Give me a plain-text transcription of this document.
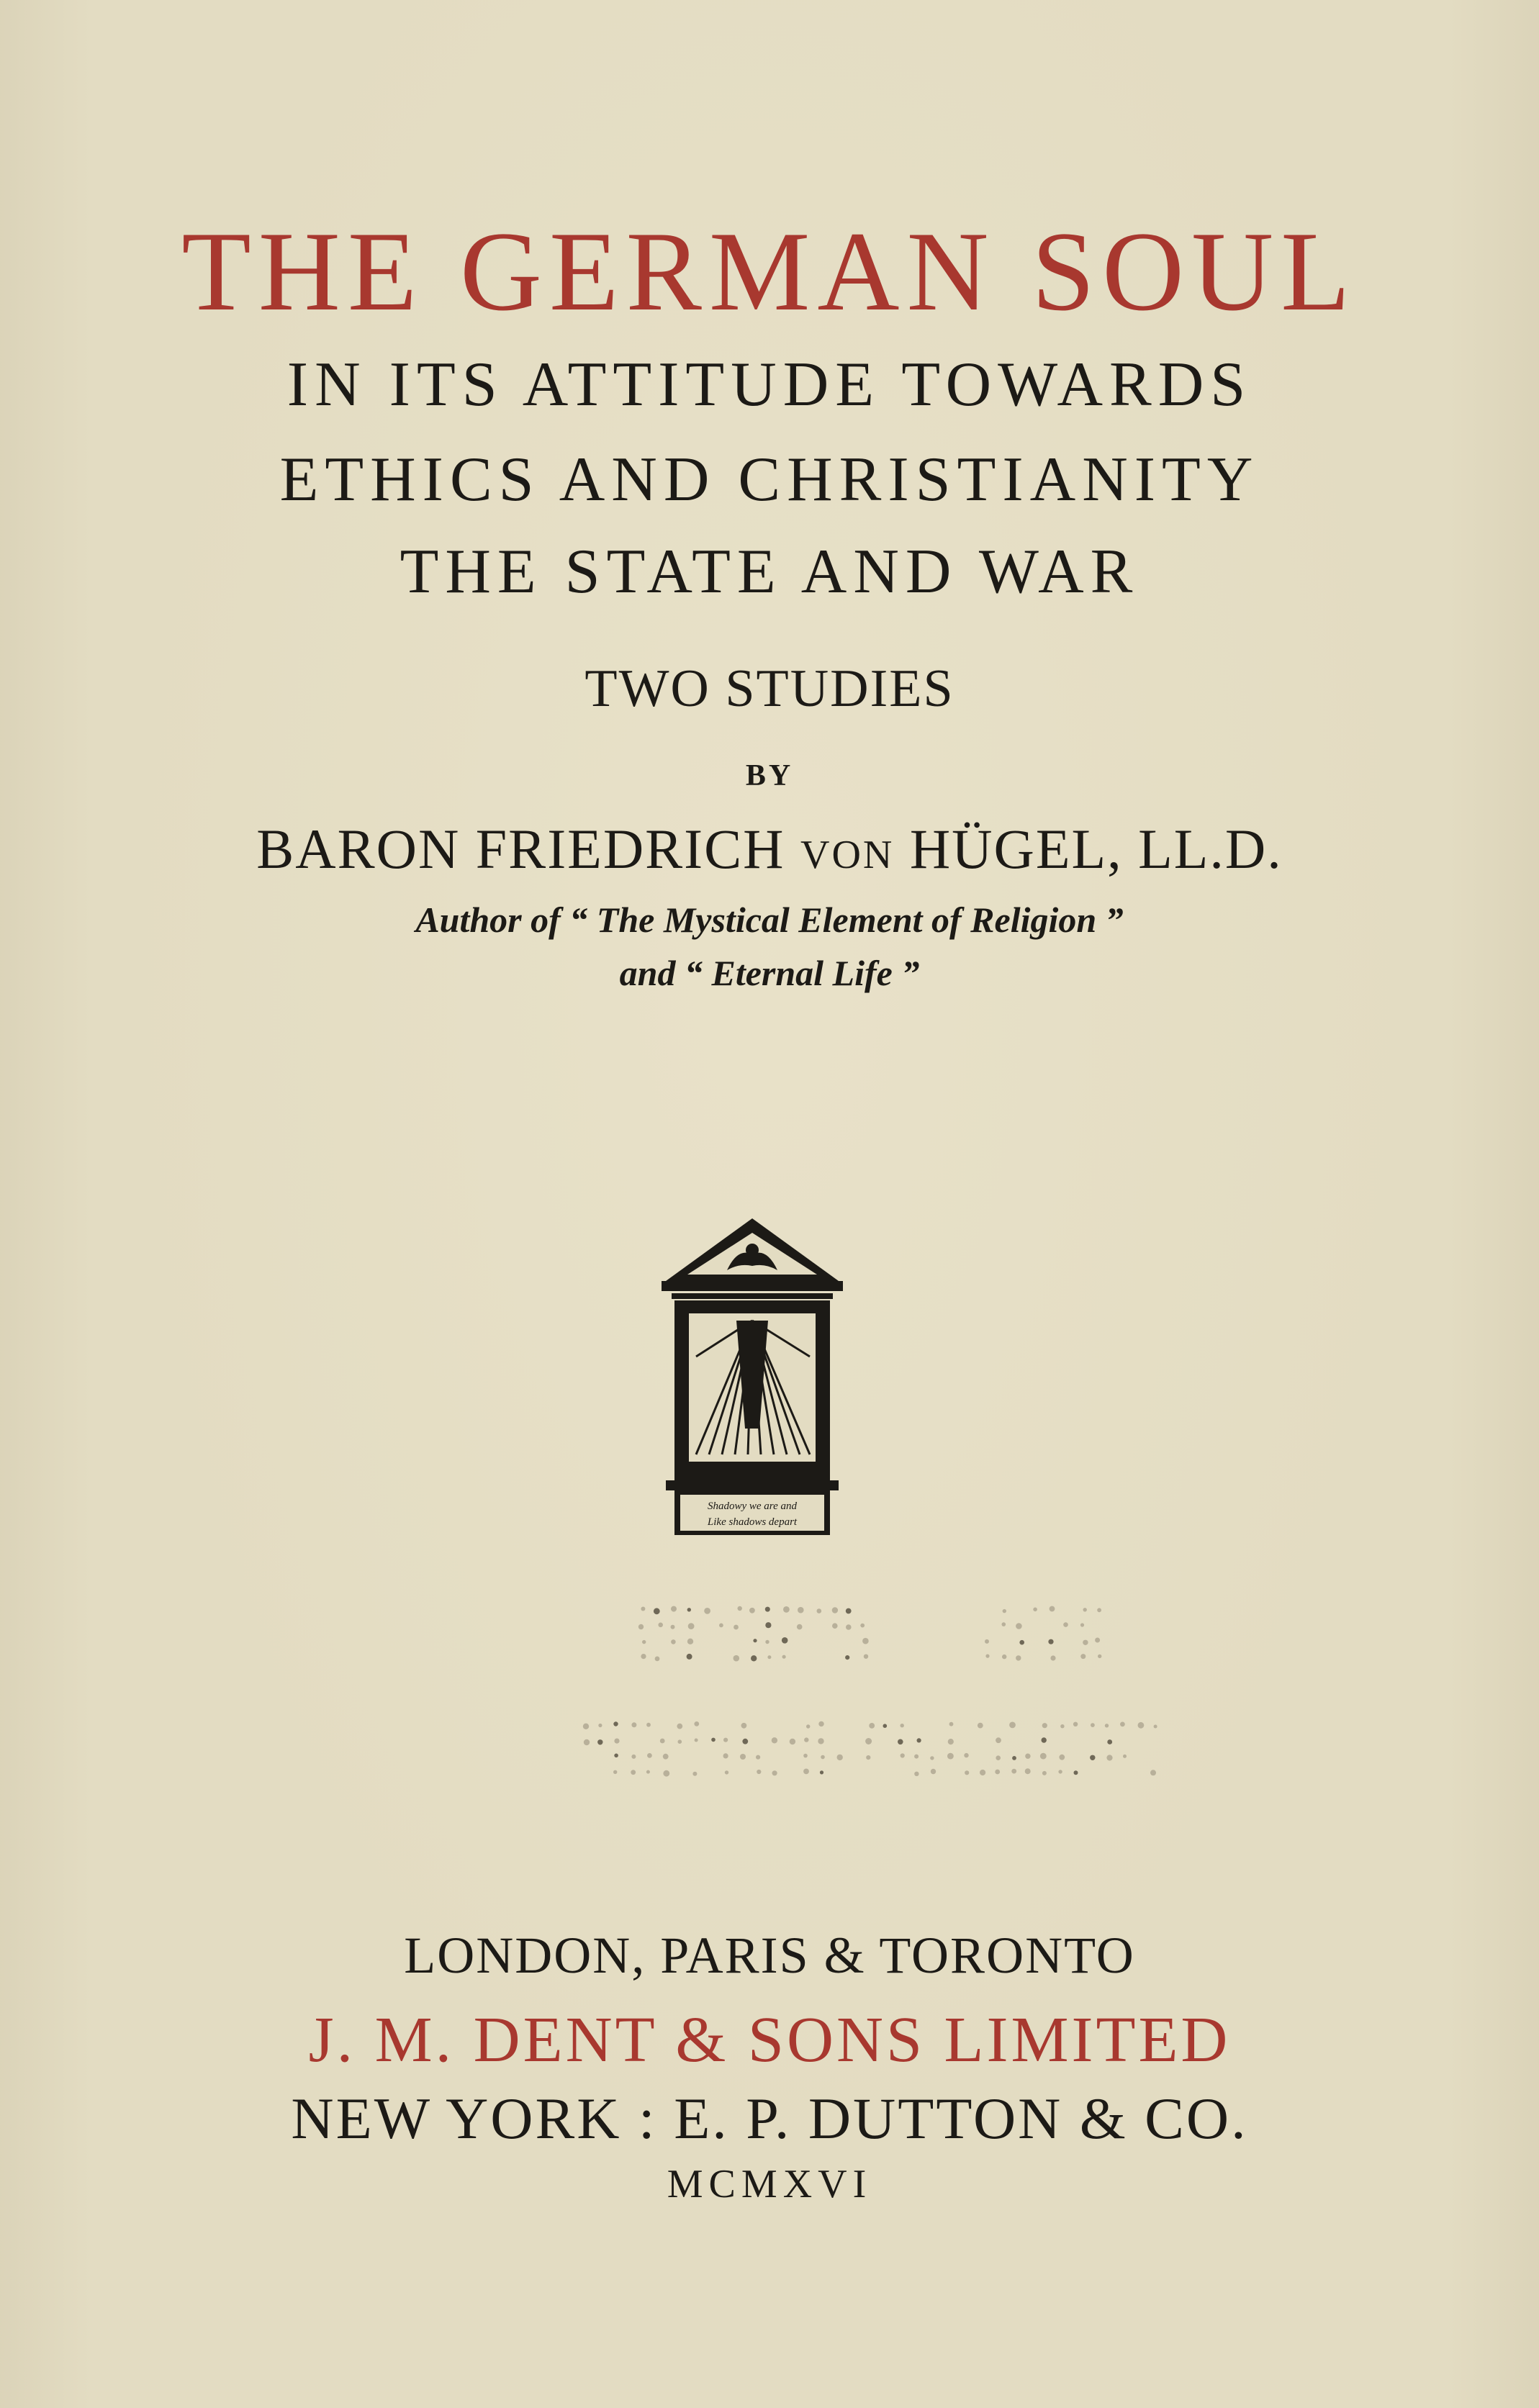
THE GERMAN SOUL
IN ITS ATTITUDE TOWARDS
ETHICS AND CHRISTIANITY
THE STATE AND WAR
TWO STUDIES
BY
BARON FRIEDRICH VON HÜGEL, LL.D.
Author of “ The Mystical Element of Religion ”
and “ Eternal Life ”
Shadowy we are and
Like shadows depart
LONDON, PARIS & TORONTO
J. M. DENT & SONS LIMITED
NEW YORK : E. P. DUTTON & CO.
MCMXVI
